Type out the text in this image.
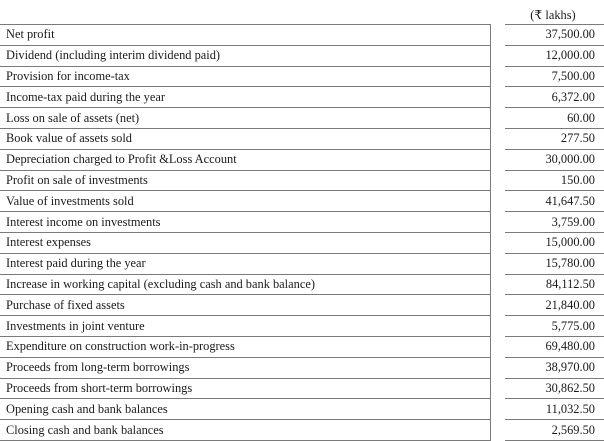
(₹ lakhs)
Net profit		37,500.00
Dividend (including interim dividend paid)		12,000.00
Provision for income-tax		7,500.00
Income-tax paid during the year		6,372.00
Loss on sale of assets (net)		60.00
Book value of assets sold		277.50
Depreciation charged to Profit &Loss Account		30,000.00
Profit on sale of investments		150.00
Value of investments sold		41,647.50
Interest income on investments		3,759.00
Interest expenses		15,000.00
Interest paid during the year		15,780.00
Increase in working capital (excluding cash and bank balance)		84,112.50
Purchase of fixed assets		21,840.00
Investments in joint venture		5,775.00
Expenditure on construction work-in-progress		69,480.00
Proceeds from long-term borrowings		38,970.00
Proceeds from short-term borrowings		30,862.50
Opening cash and bank balances		11,032.50
Closing cash and bank balances		2,569.50
